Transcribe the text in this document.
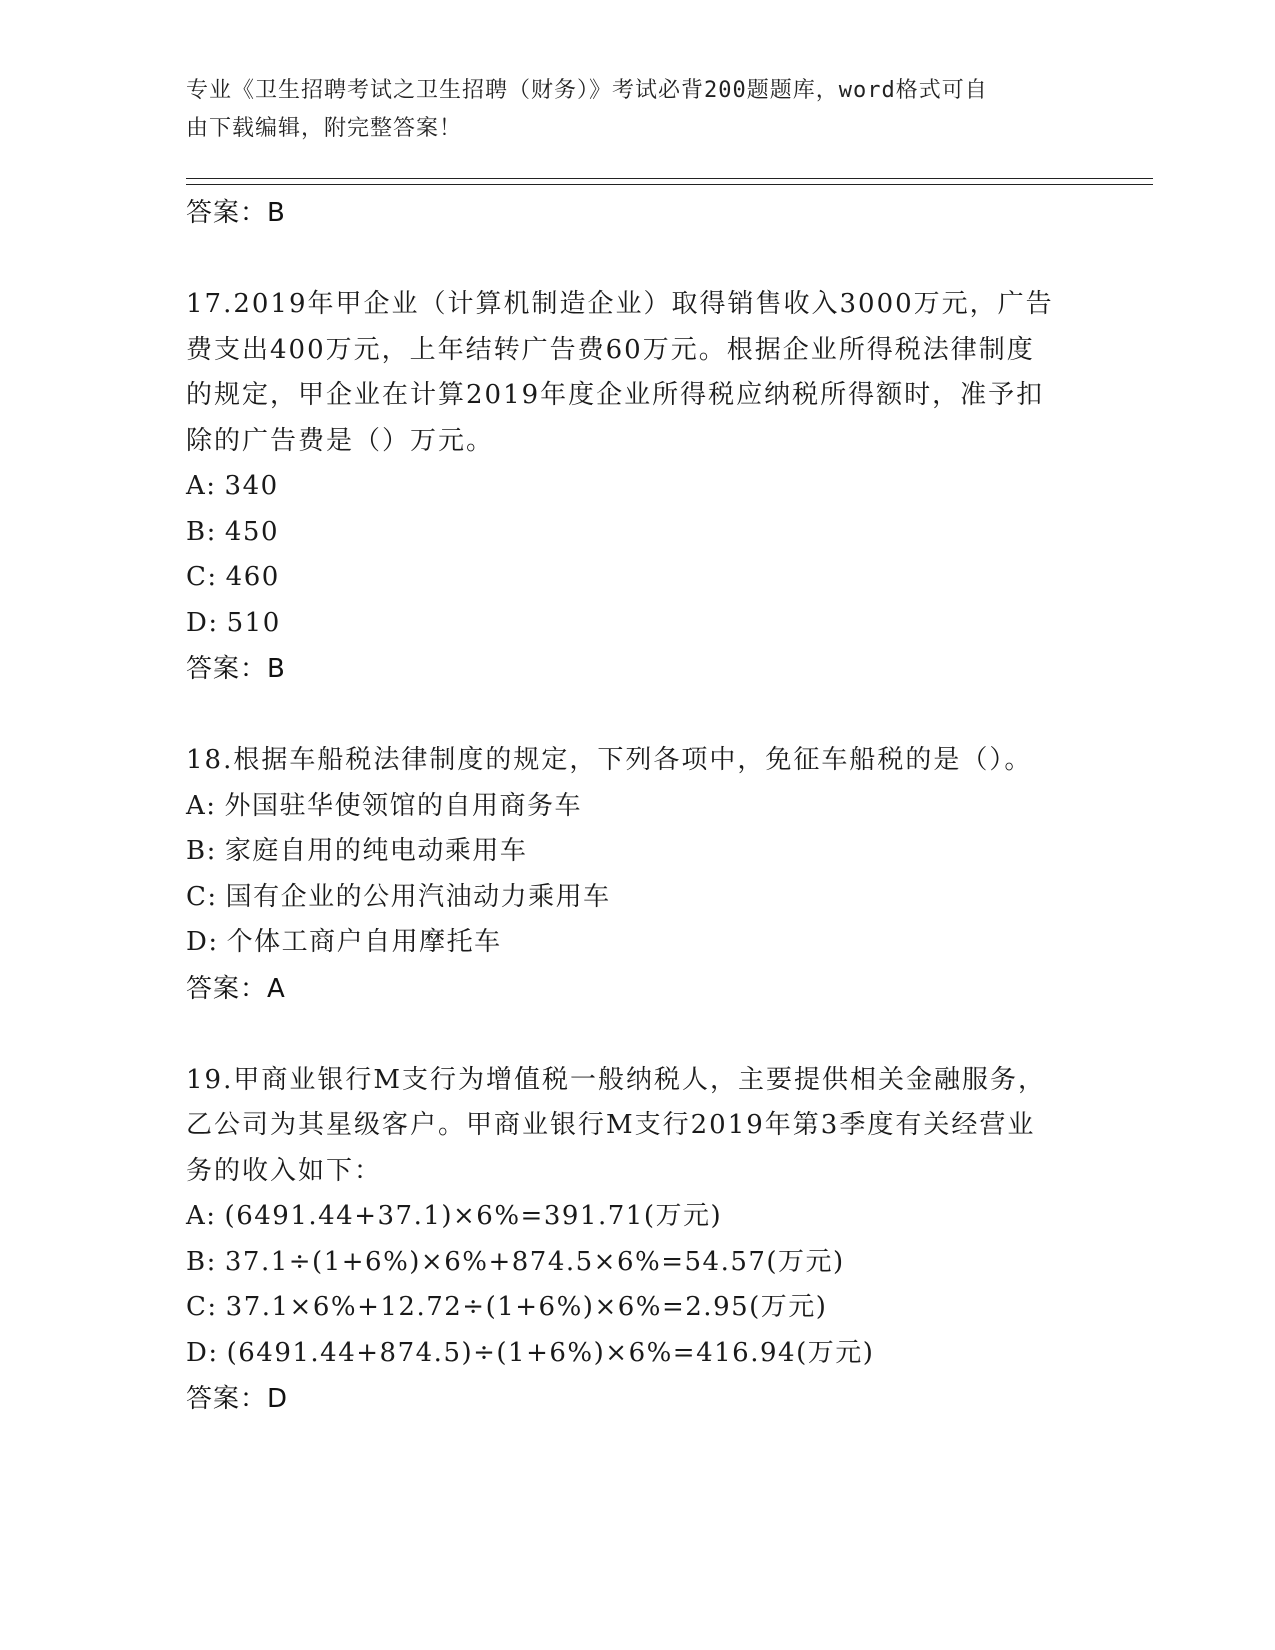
专业《卫生招聘考试之卫生招聘（财务）》考试必背200题题库，word格式可自
由下载编辑，附完整答案！
答案：B
17.2019年甲企业（计算机制造企业）取得销售收入3000万元，广告
费支出400万元，上年结转广告费60万元。根据企业所得税法律制度
的规定，甲企业在计算2019年度企业所得税应纳税所得额时，准予扣
除的广告费是（）万元。
A: 340
B: 450
C: 460
D: 510
答案：B
18.根据车船税法律制度的规定，下列各项中，免征车船税的是（）。
A: 外国驻华使领馆的自用商务车
B: 家庭自用的纯电动乘用车
C: 国有企业的公用汽油动力乘用车
D: 个体工商户自用摩托车
答案：A
19.甲商业银行M支行为增值税一般纳税人，主要提供相关金融服务，
乙公司为其星级客户。甲商业银行M支行2019年第3季度有关经营业
务的收入如下：
A: (6491.44+37.1)×6%=391.71(万元)
B: 37.1÷(1+6%)×6%+874.5×6%=54.57(万元)
C: 37.1×6%+12.72÷(1+6%)×6%=2.95(万元)
D: (6491.44+874.5)÷(1+6%)×6%=416.94(万元)
答案：D
